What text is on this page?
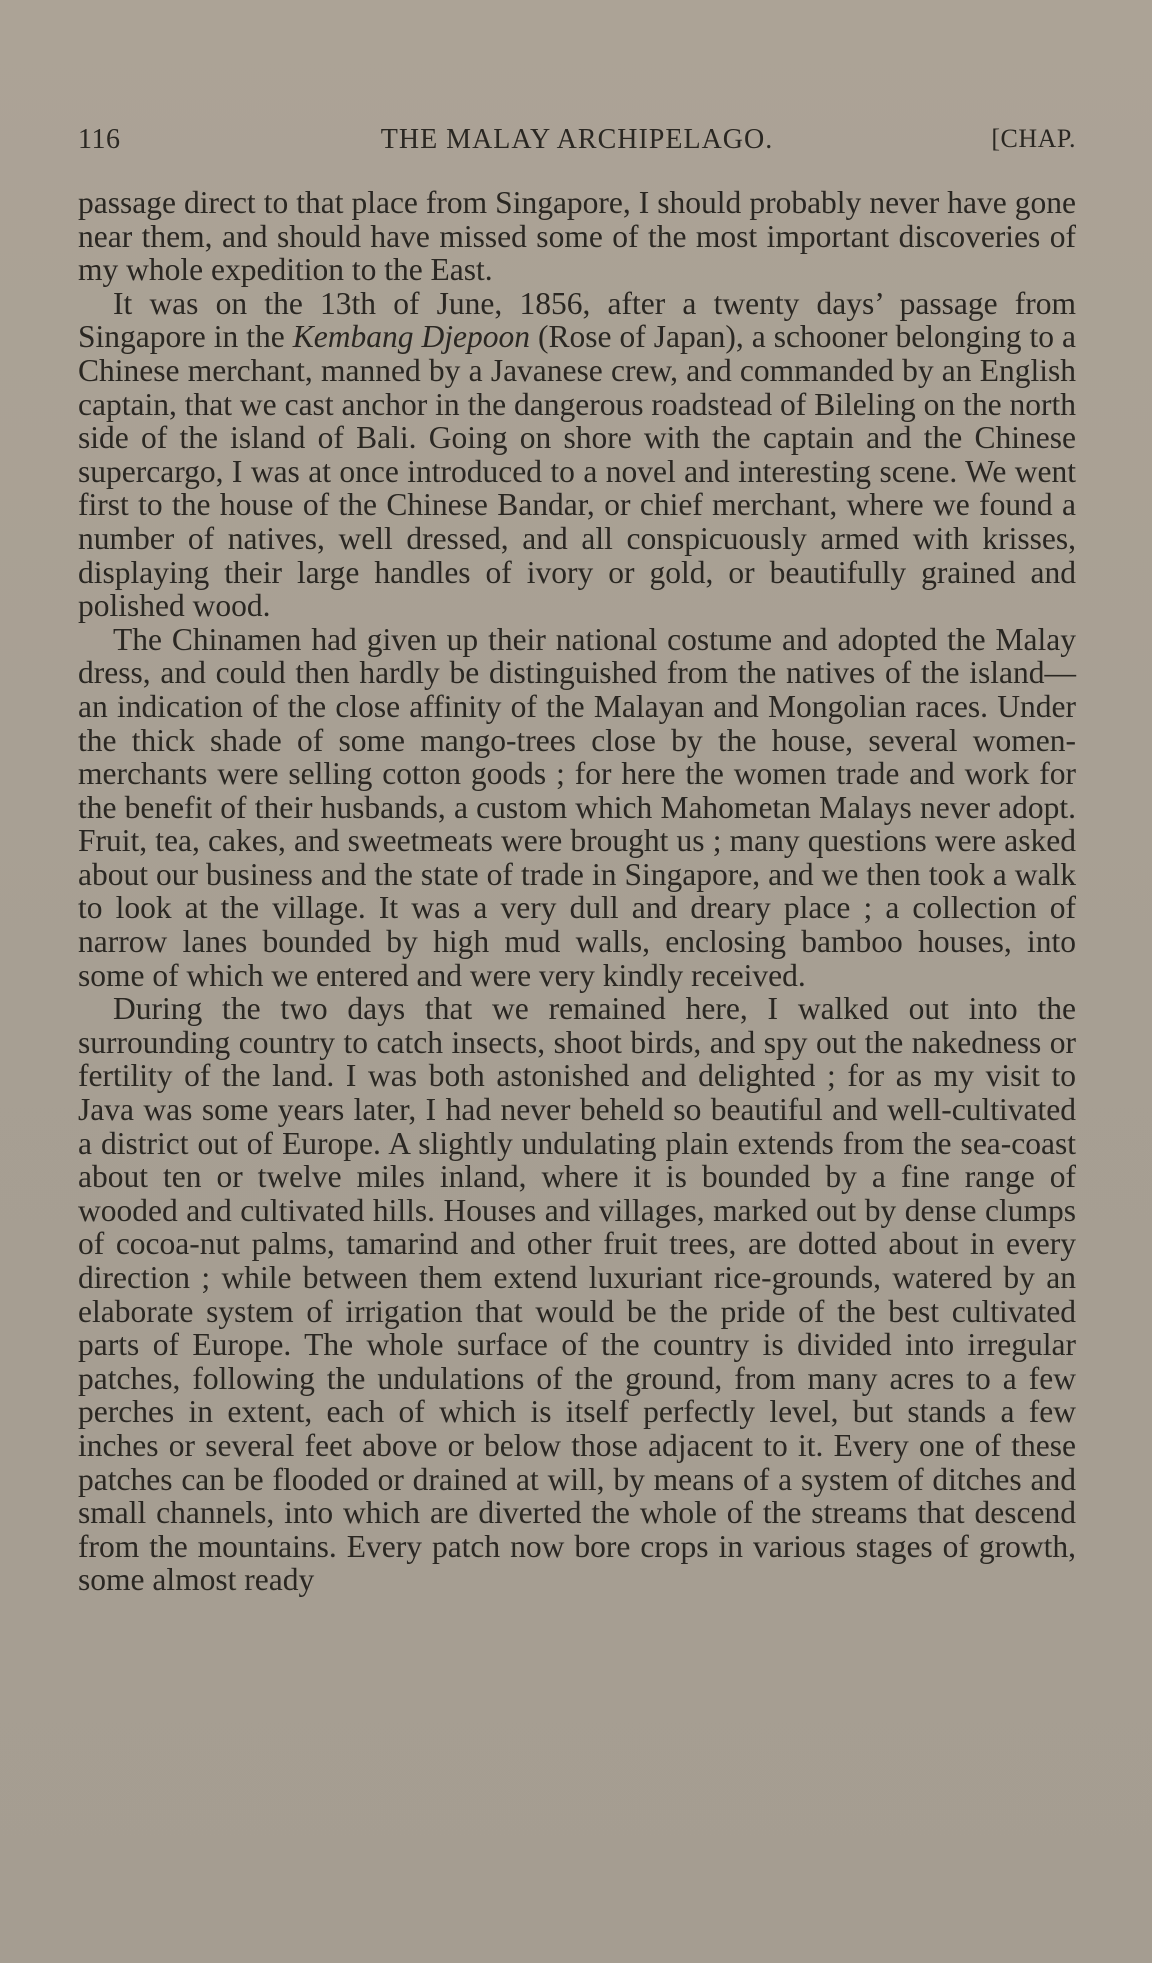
116	THE MALAY ARCHIPELAGO.	[CHAP.

passage direct to that place from Singapore, I should probably never have gone near them, and should have missed some of the most important discoveries of my whole expedition to the East.

It was on the 13th of June, 1856, after a twenty days’ passage from Singapore in the Kembang Djepoon (Rose of Japan), a schooner belonging to a Chinese merchant, manned by a Javanese crew, and commanded by an English captain, that we cast anchor in the dangerous roadstead of Bileling on the north side of the island of Bali. Going on shore with the captain and the Chinese supercargo, I was at once introduced to a novel and interesting scene. We went first to the house of the Chinese Bandar, or chief merchant, where we found a number of natives, well dressed, and all conspicuously armed with krisses, displaying their large handles of ivory or gold, or beautifully grained and polished wood.

The Chinamen had given up their national costume and adopted the Malay dress, and could then hardly be distinguished from the natives of the island—an indication of the close affinity of the Malayan and Mongolian races. Under the thick shade of some mango-trees close by the house, several women-merchants were selling cotton goods ; for here the women trade and work for the benefit of their husbands, a custom which Mahometan Malays never adopt. Fruit, tea, cakes, and sweetmeats were brought us ; many questions were asked about our business and the state of trade in Singapore, and we then took a walk to look at the village. It was a very dull and dreary place ; a collection of narrow lanes bounded by high mud walls, enclosing bamboo houses, into some of which we entered and were very kindly received.

During the two days that we remained here, I walked out into the surrounding country to catch insects, shoot birds, and spy out the nakedness or fertility of the land. I was both astonished and delighted ; for as my visit to Java was some years later, I had never beheld so beautiful and well-cultivated a district out of Europe. A slightly undulating plain extends from the sea-coast about ten or twelve miles inland, where it is bounded by a fine range of wooded and cultivated hills. Houses and villages, marked out by dense clumps of cocoa-nut palms, tamarind and other fruit trees, are dotted about in every direction ; while between them extend luxuriant rice-grounds, watered by an elaborate system of irrigation that would be the pride of the best cultivated parts of Europe. The whole surface of the country is divided into irregular patches, following the undulations of the ground, from many acres to a few perches in extent, each of which is itself perfectly level, but stands a few inches or several feet above or below those adjacent to it. Every one of these patches can be flooded or drained at will, by means of a system of ditches and small channels, into which are diverted the whole of the streams that descend from the mountains. Every patch now bore crops in various stages of growth, some almost ready
